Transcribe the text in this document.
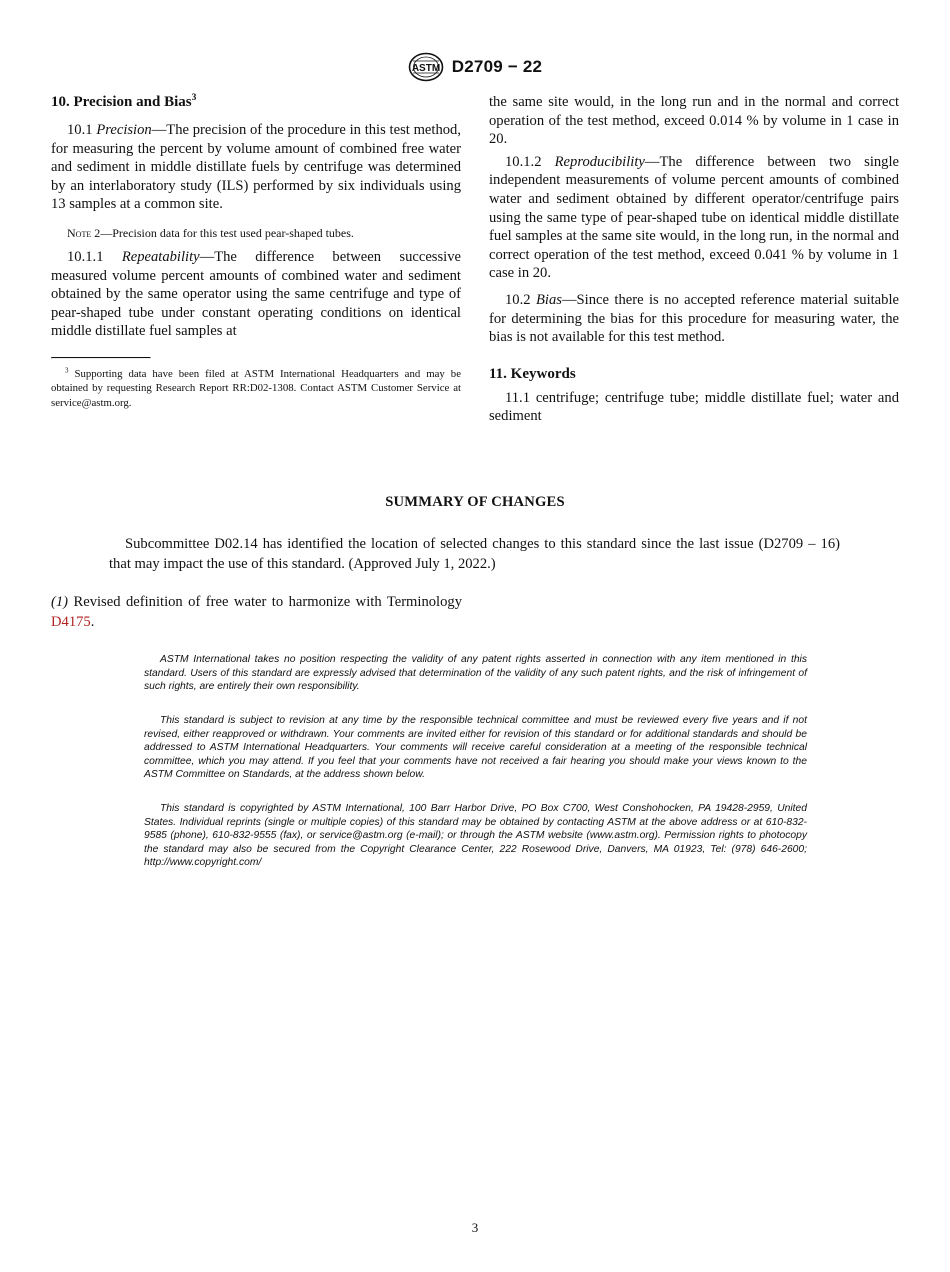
ASTM D2709 − 22

10. Precision and Bias$^3$

10.1 Precision—The precision of the procedure in this test method, for measuring the percent by volume amount of combined free water and sediment in middle distillate fuels by centrifuge was determined by an interlaboratory study (ILS) performed by six individuals using 13 samples at a common site.

Note 2—Precision data for this test used pear-shaped tubes.

10.1.1 Repeatability—The difference between successive measured volume percent amounts of combined water and sediment obtained by the same operator using the same centrifuge and type of pear-shaped tube under constant operating conditions on identical middle distillate fuel samples at

$^3$ Supporting data have been filed at ASTM International Headquarters and may be obtained by requesting Research Report RR:D02-1308. Contact ASTM Customer Service at service@astm.org.

the same site would, in the long run and in the normal and correct operation of the test method, exceed 0.014 % by volume in 1 case in 20.

10.1.2 Reproducibility—The difference between two single independent measurements of volume percent amounts of combined water and sediment obtained by different operator/centrifuge pairs using the same type of pear-shaped tube on identical middle distillate fuel samples at the same site would, in the long run, in the normal and correct operation of the test method, exceed 0.041 % by volume in 1 case in 20.

10.2 Bias—Since there is no accepted reference material suitable for determining the bias for this procedure for measuring water, the bias is not available for this test method.

11. Keywords

11.1 centrifuge; centrifuge tube; middle distillate fuel; water and sediment

SUMMARY OF CHANGES

Subcommittee D02.14 has identified the location of selected changes to this standard since the last issue (D2709 – 16) that may impact the use of this standard. (Approved July 1, 2022.)

(1) Revised definition of free water to harmonize with Terminology D4175.

ASTM International takes no position respecting the validity of any patent rights asserted in connection with any item mentioned in this standard. Users of this standard are expressly advised that determination of the validity of any such patent rights, and the risk of infringement of such rights, are entirely their own responsibility.

This standard is subject to revision at any time by the responsible technical committee and must be reviewed every five years and if not revised, either reapproved or withdrawn. Your comments are invited either for revision of this standard or for additional standards and should be addressed to ASTM International Headquarters. Your comments will receive careful consideration at a meeting of the responsible technical committee, which you may attend. If you feel that your comments have not received a fair hearing you should make your views known to the ASTM Committee on Standards, at the address shown below.

This standard is copyrighted by ASTM International, 100 Barr Harbor Drive, PO Box C700, West Conshohocken, PA 19428-2959, United States. Individual reprints (single or multiple copies) of this standard may be obtained by contacting ASTM at the above address or at 610-832-9585 (phone), 610-832-9555 (fax), or service@astm.org (e-mail); or through the ASTM website (www.astm.org). Permission rights to photocopy the standard may also be secured from the Copyright Clearance Center, 222 Rosewood Drive, Danvers, MA 01923, Tel: (978) 646-2600; http://www.copyright.com/

3
